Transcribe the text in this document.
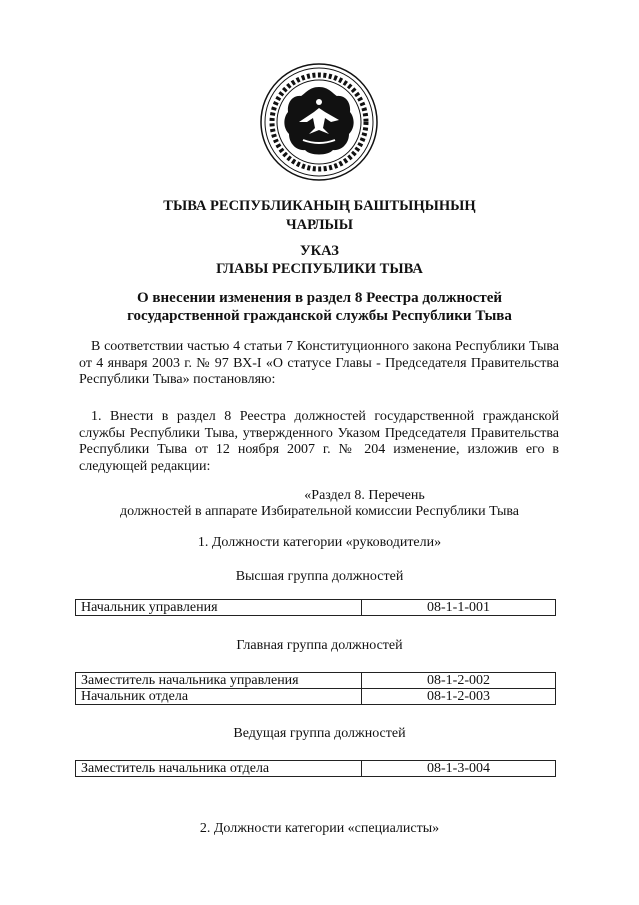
ТЫВА РЕСПУБЛИКАНЫҢ БАШТЫҢЫНЫҢ
ЧАРЛЫЫ
УКАЗ
ГЛАВЫ РЕСПУБЛИКИ ТЫВА
О внесении изменения в раздел 8 Реестра должностей
государственной гражданской службы Республики Тыва
В соответствии частью 4 статьи 7 Конституционного закона Республики Тыва от 4 января 2003 г. № 97 ВХ-I «О статусе Главы - Председателя Правительства Республики Тыва» постановляю:
1. Внести в раздел 8 Реестра должностей государственной гражданской службы Республики Тыва, утвержденного Указом Председателя Правительства Республики Тыва от 12 ноября 2007 г. № 204 изменение, изложив его в следующей редакции:
«Раздел 8. Перечень
должностей в аппарате Избирательной комиссии Республики Тыва
1. Должности категории «руководители»
Высшая группа должностей
Начальник управления	08-1-1-001
Главная группа должностей
Заместитель начальника управления	08-1-2-002
Начальник отдела	08-1-2-003
Ведущая группа должностей
Заместитель начальника отдела	08-1-3-004
2. Должности категории «специалисты»
